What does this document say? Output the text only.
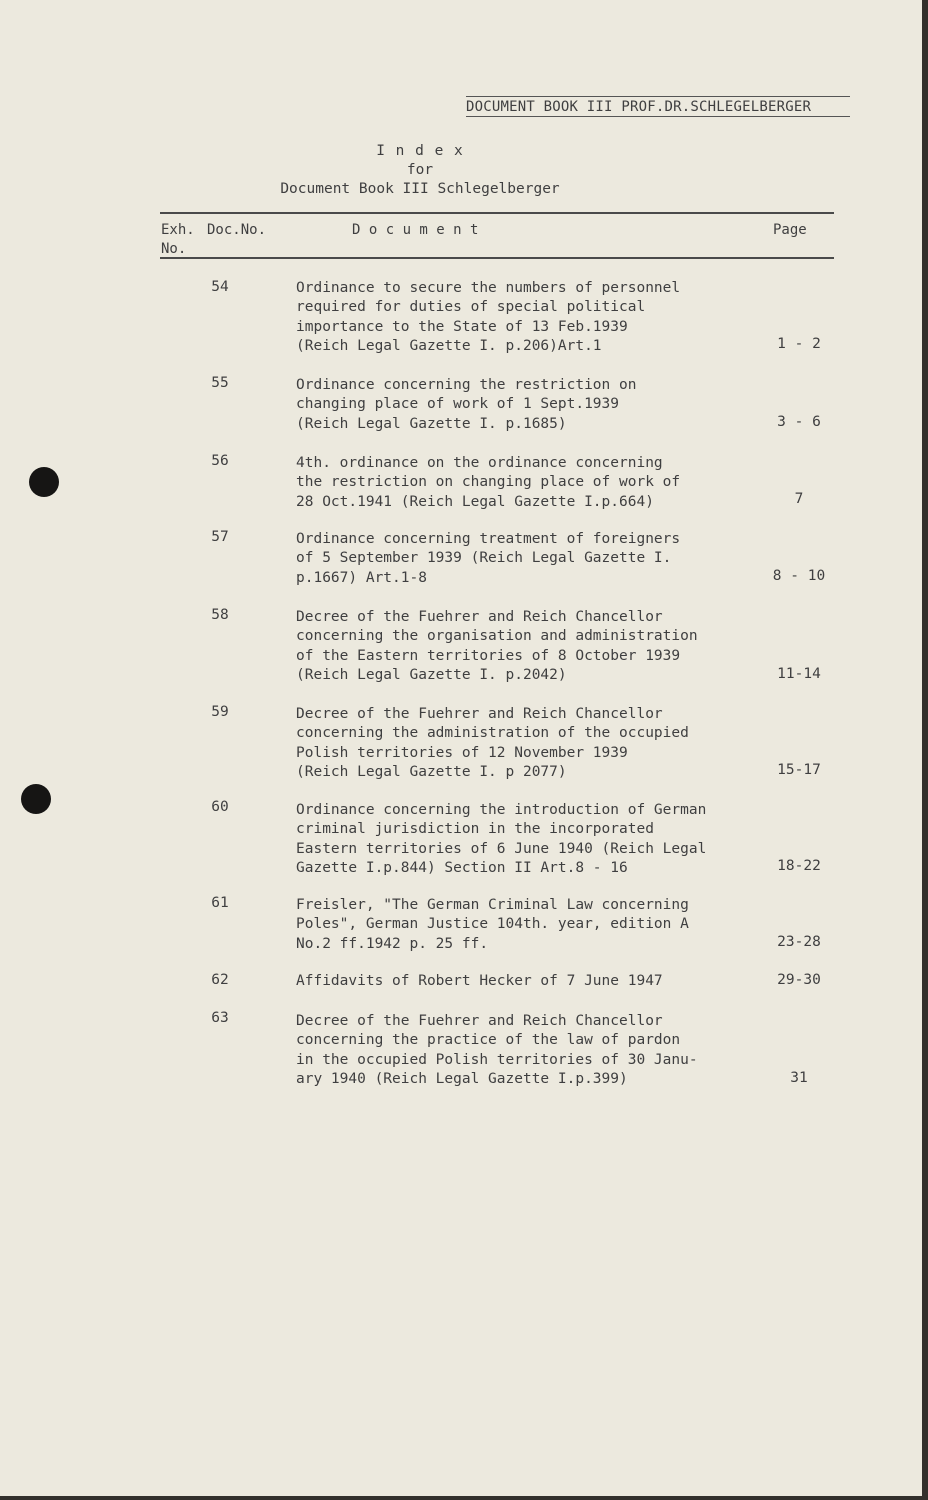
DOCUMENT BOOK III PROF.DR.SCHLEGELBERGER
I n d e x
for
Document Book III Schlegelberger
Exh.
No.
Doc.No.	D o c u m e n t	Page
54	Ordinance to secure the numbers of personnel
required for duties of special political
importance to the State of 13 Feb.1939
(Reich Legal Gazette I. p.206)Art.1	1 - 2
55	Ordinance concerning the restriction on
changing place of work of 1 Sept.1939
(Reich Legal Gazette I. p.1685)	3 - 6
56	4th. ordinance on the ordinance concerning
the restriction on changing place of work of
28 Oct.1941 (Reich Legal Gazette I.p.664)	7
57	Ordinance concerning treatment of foreigners
of 5 September 1939 (Reich Legal Gazette I.
p.1667) Art.1-8	8 - 10
58	Decree of the Fuehrer and Reich Chancellor
concerning the organisation and administration
of the Eastern territories of 8 October 1939
(Reich Legal Gazette I. p.2042)	11-14
59	Decree of the Fuehrer and Reich Chancellor
concerning the administration of the occupied
Polish territories of 12 November 1939
(Reich Legal Gazette I. p 2077)	15-17
60	Ordinance concerning the introduction of German
criminal jurisdiction in the incorporated
Eastern territories of 6 June 1940 (Reich Legal
Gazette I.p.844) Section II Art.8 - 16	18-22
61	Freisler, "The German Criminal Law concerning
Poles", German Justice 104th. year, edition A
No.2 ff.1942 p. 25 ff.	23-28
62	Affidavits of Robert Hecker of 7 June 1947	29-30
63	Decree of the Fuehrer and Reich Chancellor
concerning the practice of the law of pardon
in the occupied Polish territories of 30 Janu-
ary 1940 (Reich Legal Gazette I.p.399)	31
